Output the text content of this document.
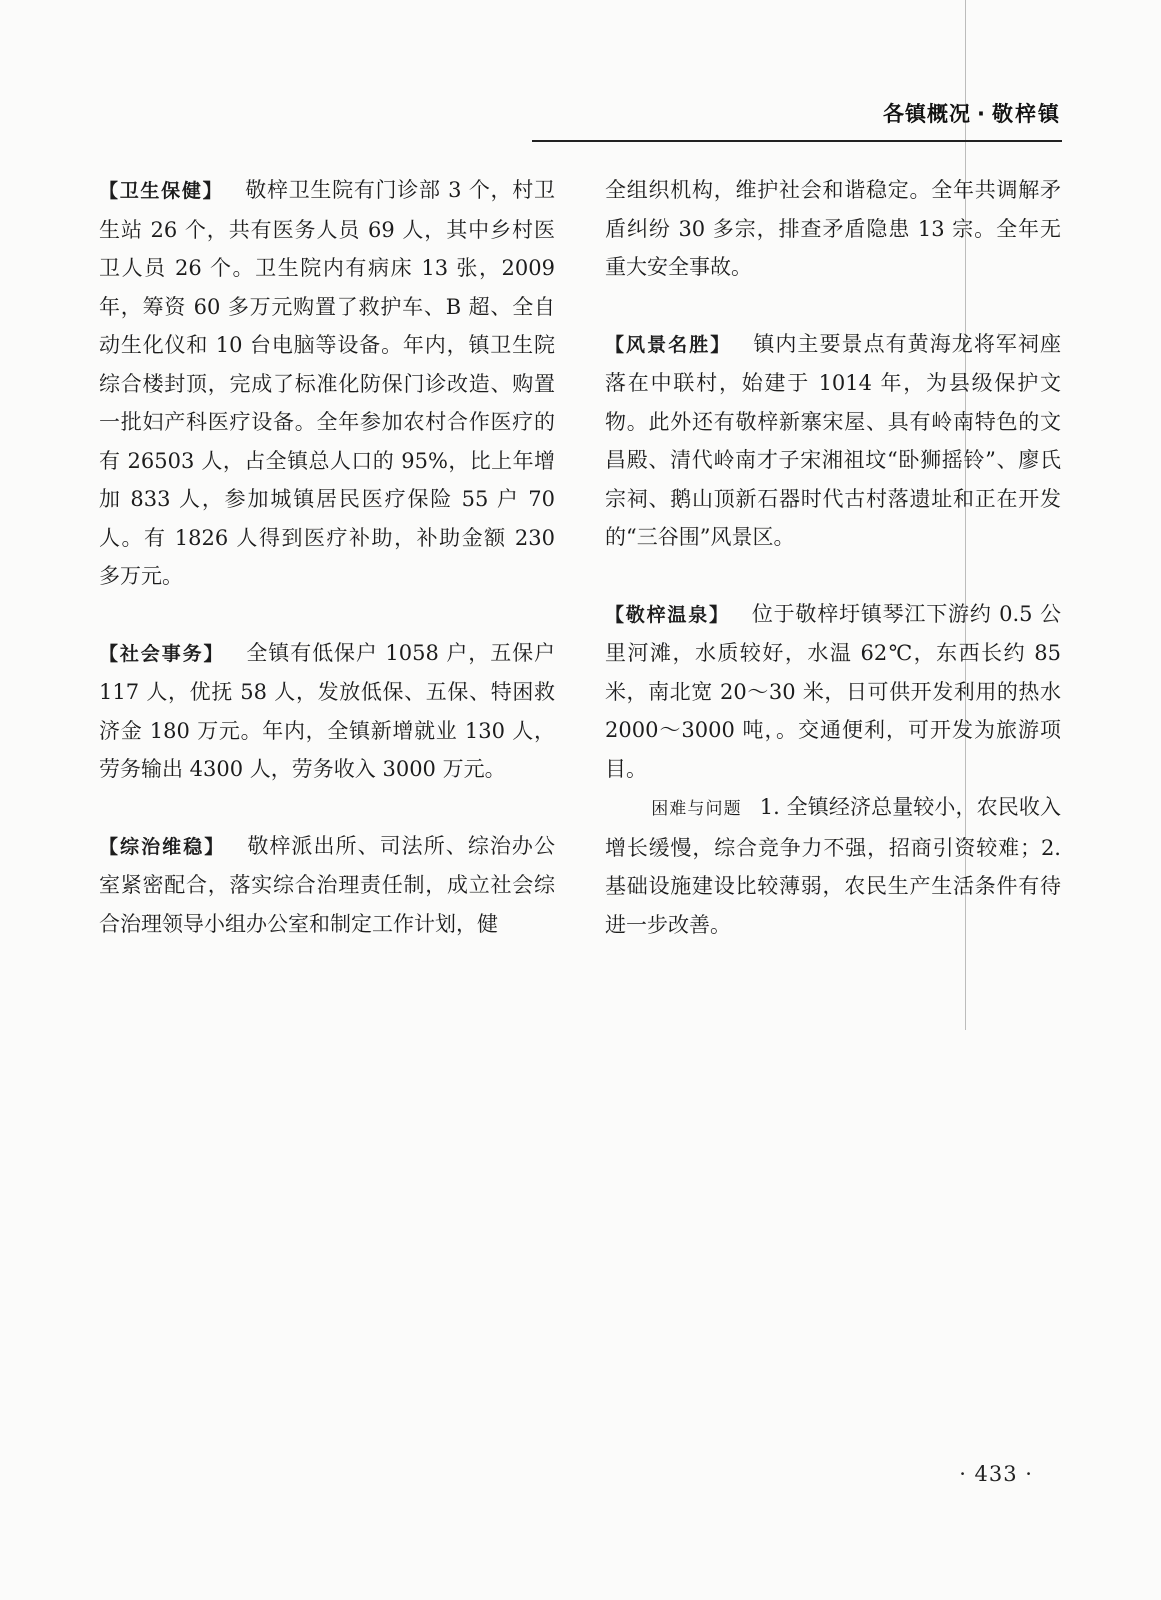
各镇概况 · 敬梓镇

【卫生保健】 敬梓卫生院有门诊部 3 个，村卫生站 26 个，共有医务人员 69 人，其中乡村医卫人员 26 个。卫生院内有病床 13 张，2009 年，筹资 60 多万元购置了救护车、B 超、全自动生化仪和 10 台电脑等设备。年内，镇卫生院综合楼封顶，完成了标准化防保门诊改造、购置一批妇产科医疗设备。全年参加农村合作医疗的有 26503 人，占全镇总人口的 95%，比上年增加 833 人，参加城镇居民医疗保险 55 户 70 人。有 1826 人得到医疗补助，补助金额 230 多万元。

【社会事务】 全镇有低保户 1058 户，五保户 117 人，优抚 58 人，发放低保、五保、特困救济金 180 万元。年内，全镇新增就业 130 人，劳务输出 4300 人，劳务收入 3000 万元。

【综治维稳】 敬梓派出所、司法所、综治办公室紧密配合，落实综合治理责任制，成立社会综合治理领导小组办公室和制定工作计划，健

全组织机构，维护社会和谐稳定。全年共调解矛盾纠纷 30 多宗，排查矛盾隐患 13 宗。全年无重大安全事故。

【风景名胜】 镇内主要景点有黄海龙将军祠座落在中联村，始建于 1014 年，为县级保护文物。此外还有敬梓新寨宋屋、具有岭南特色的文昌殿、清代岭南才子宋湘祖坟“卧狮摇铃”、廖氏宗祠、鹅山顶新石器时代古村落遗址和正在开发的“三谷围”风景区。

【敬梓温泉】 位于敬梓圩镇琴江下游约 0.5 公里河滩，水质较好，水温 62℃，东西长约 85 米，南北宽 20～30 米，日可供开发利用的热水 2000～3000 吨，。交通便利，可开发为旅游项目。

困难与问题 1. 全镇经济总量较小，农民收入增长缓慢，综合竞争力不强，招商引资较难；2. 基础设施建设比较薄弱，农民生产生活条件有待进一步改善。

· 433 ·
